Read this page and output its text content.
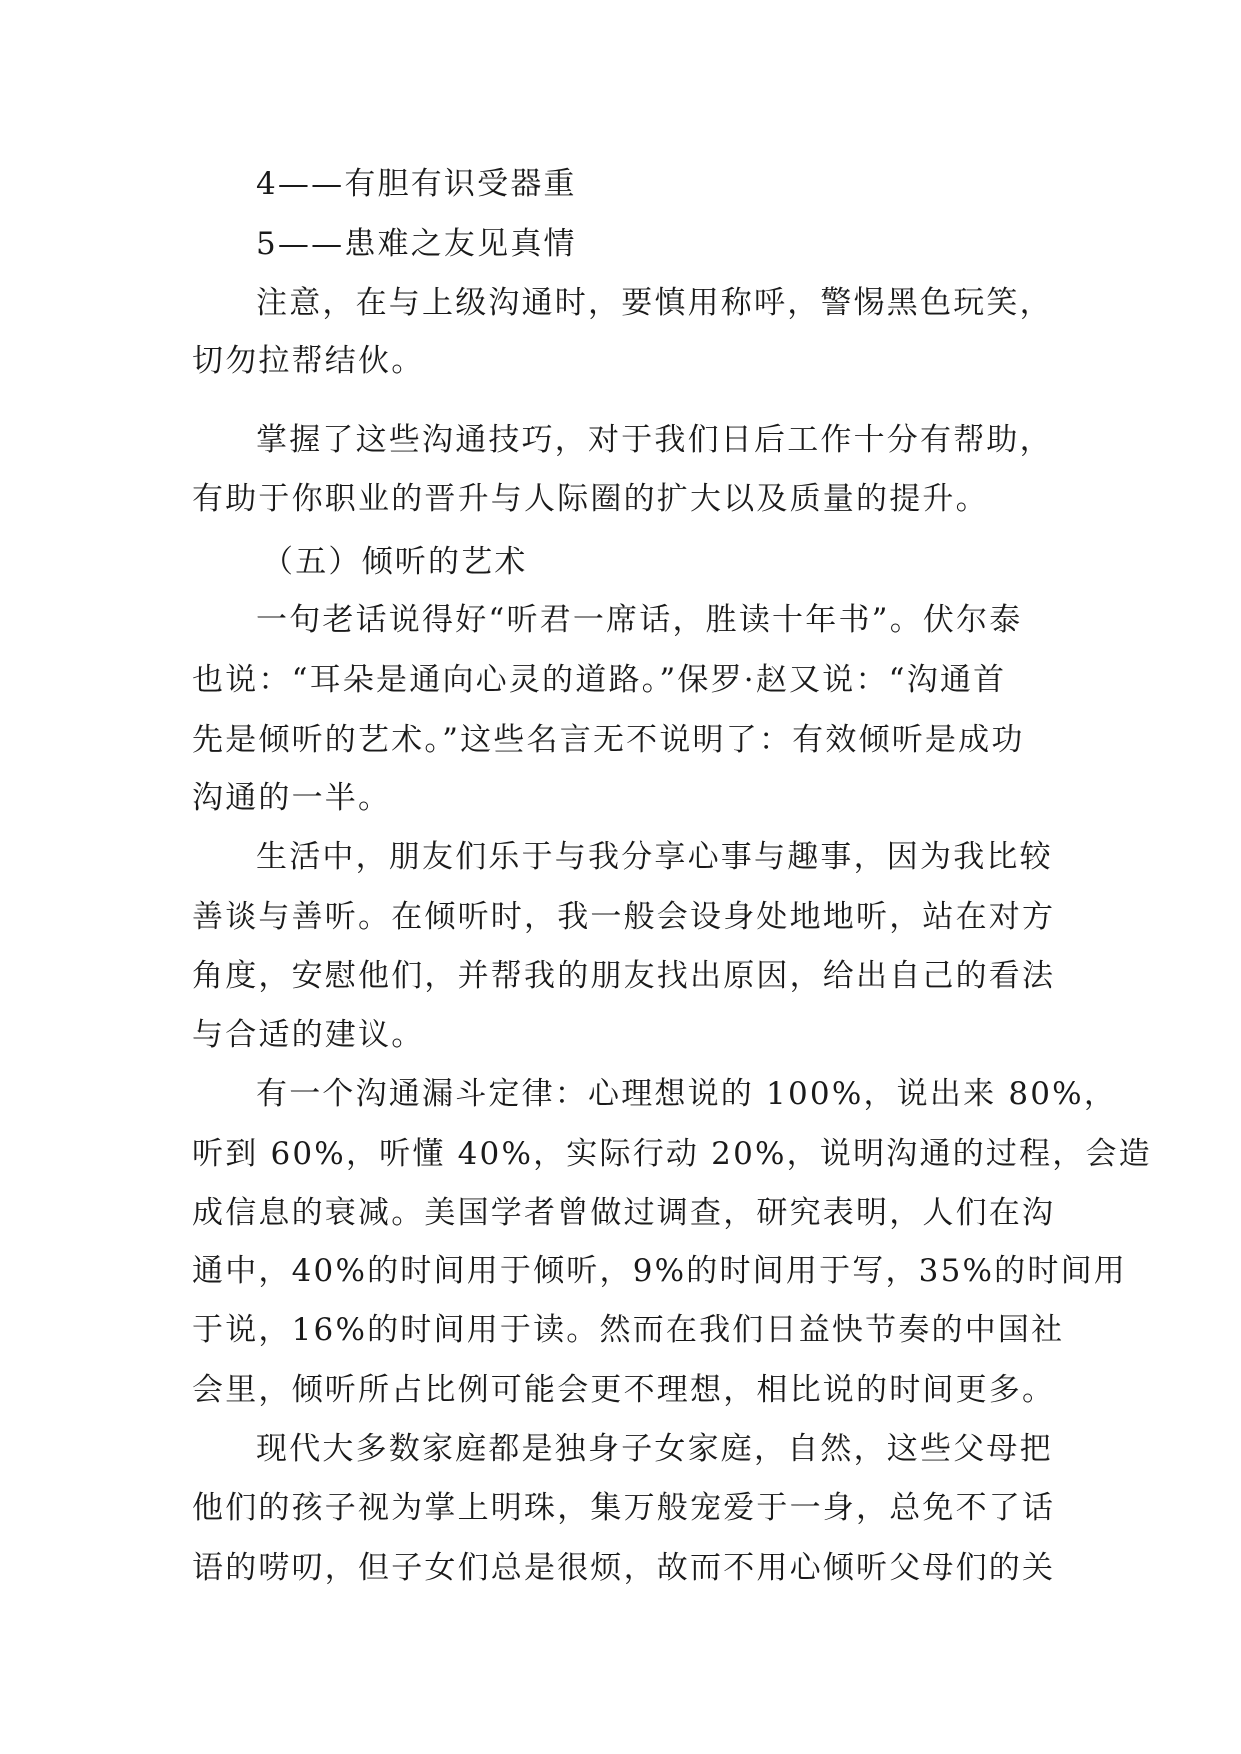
4——有胆有识受器重
5——患难之友见真情
注意，在与上级沟通时，要慎用称呼，警惕黑色玩笑，
切勿拉帮结伙。
掌握了这些沟通技巧，对于我们日后工作十分有帮助，
有助于你职业的晋升与人际圈的扩大以及质量的提升。
（五）倾听的艺术
一句老话说得好“听君一席话，胜读十年书”。伏尔泰
也说：“耳朵是通向心灵的道路。”保罗·赵又说：“沟通首
先是倾听的艺术。”这些名言无不说明了：有效倾听是成功
沟通的一半。
生活中，朋友们乐于与我分享心事与趣事，因为我比较
善谈与善听。在倾听时，我一般会设身处地地听，站在对方
角度，安慰他们，并帮我的朋友找出原因，给出自己的看法
与合适的建议。
有一个沟通漏斗定律：心理想说的 100%，说出来 80%，
听到 60%，听懂 40%，实际行动 20%，说明沟通的过程，会造
成信息的衰减。美国学者曾做过调查，研究表明，人们在沟
通中，40%的时间用于倾听，9%的时间用于写，35%的时间用
于说，16%的时间用于读。然而在我们日益快节奏的中国社
会里，倾听所占比例可能会更不理想，相比说的时间更多。
现代大多数家庭都是独身子女家庭，自然，这些父母把
他们的孩子视为掌上明珠，集万般宠爱于一身，总免不了话
语的唠叨，但子女们总是很烦，故而不用心倾听父母们的关
